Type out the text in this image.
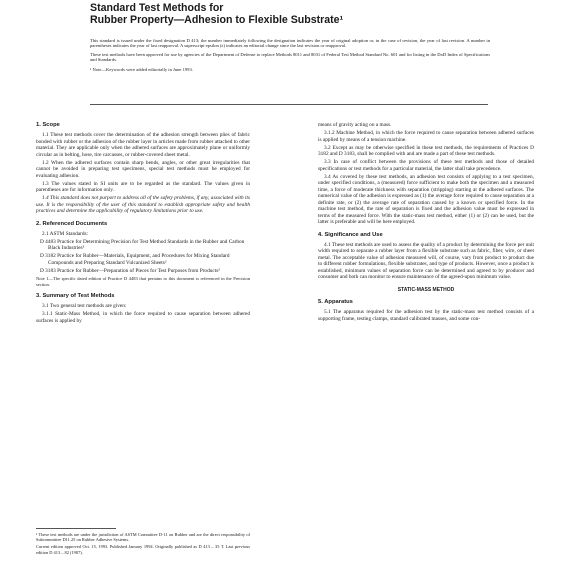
Standard Test Methods for
Rubber Property—Adhesion to Flexible Substrate¹

This standard is issued under the fixed designation D 413; the number immediately following the designation indicates the year of original adoption or, in the case of revision, the year of last revision. A number in parentheses indicates the year of last reapproval. A superscript epsilon (ε) indicates an editorial change since the last revision or reapproval.

These test methods have been approved for use by agencies of the Department of Defense to replace Methods 8011 and 8031 of Federal Test Method Standard No. 601 and for listing in the DoD Index of Specifications and Standards.

¹ Note—Keywords were added editorially in June 1993.

1. Scope

1.1 These test methods cover the determination of the adhesion strength between plies of fabric bonded with rubber or the adhesion of the rubber layer in articles made from rubber attached to other material. They are applicable only when the adhered surfaces are approximately plane or uniformly circular as in belting, hose, tire carcasses, or rubber-covered sheet metal.

1.2 When the adhered surfaces contain sharp bends, angles, or other great irregularities that cannot be avoided in preparing test specimens, special test methods must be employed for evaluating adhesion.

1.3 The values stated in SI units are to be regarded as the standard. The values given in parentheses are for information only.

1.4 This standard does not purport to address all of the safety problems, if any, associated with its use. It is the responsibility of the user of this standard to establish appropriate safety and health practices and determine the applicability of regulatory limitations prior to use.

2. Referenced Documents

2.1 ASTM Standards:

D 4483 Practice for Determining Precision for Test Method Standards in the Rubber and Carbon Black Industries²

D 3182 Practice for Rubber—Materials, Equipment, and Procedures for Mixing Standard Compounds and Preparing Standard Vulcanized Sheets²

D 3183 Practice for Rubber—Preparation of Pieces for Test Purposes from Products²

Note 1—The specific dated edition of Practice D 4483 that pertains to this document is referenced in the Precision section.

3. Summary of Test Methods

3.1 Two general test methods are given:

3.1.1 Static-Mass Method, in which the force required to cause separation between adhered surfaces is applied by

means of gravity acting on a mass.

3.1.2 Machine Method, in which the force required to cause separation between adhered surfaces is applied by means of a tension machine.

3.2 Except as may be otherwise specified in these test methods, the requirements of Practices D 3182 and D 3183, shall be complied with and are made a part of these test methods.

3.3 In case of conflict between the provisions of these test methods and those of detailed specifications or test methods for a particular material, the latter shall take precedence.

3.4 As covered by these test methods, an adhesion test consists of applying to a test specimen, under specified conditions, a (measured) force sufficient to make both the specimen and a measured time, a force of moderate thickness with separation (stripping) starting at the adhered surfaces. The numerical value of the adhesion is expressed as (1) the average force required to cause separation at a definite rate, or (2) the average rate of separation caused by a known or specified force. In the machine test method, the rate of separation is fixed and the adhesion value must be expressed in terms of the measured force. With the static-mass test method, either (1) or (2) can be used, but the latter is preferable and will be here employed.

4. Significance and Use

4.1 These test methods are used to assess the quality of a product by determining the force per unit width required to separate a rubber layer from a flexible substrate such as fabric, fiber, wire, or sheet metal. The acceptable value of adhesion measured will, of course, vary from product to product due to different rubber formulations, flexible substrates, and type of products. However, once a product is established, minimum values of separation force can be determined and agreed to by producer and consumer and both can monitor to ensure maintenance of the agreed-upon minimum value.

STATIC-MASS METHOD

5. Apparatus

5.1 The apparatus required for the adhesion test by the static-mass test method consists of a supporting frame, testing clamps, standard calibrated masses, and some con-

¹ These test methods are under the jurisdiction of ASTM Committee D-11 on Rubber and are the direct responsibility of Subcommittee D11.25 on Rubber Adhesive Systems.

Current edition approved Oct. 15, 1993. Published January 1994. Originally published as D 413 – 35 T. Last previous edition D 413 – 82 (1987).
